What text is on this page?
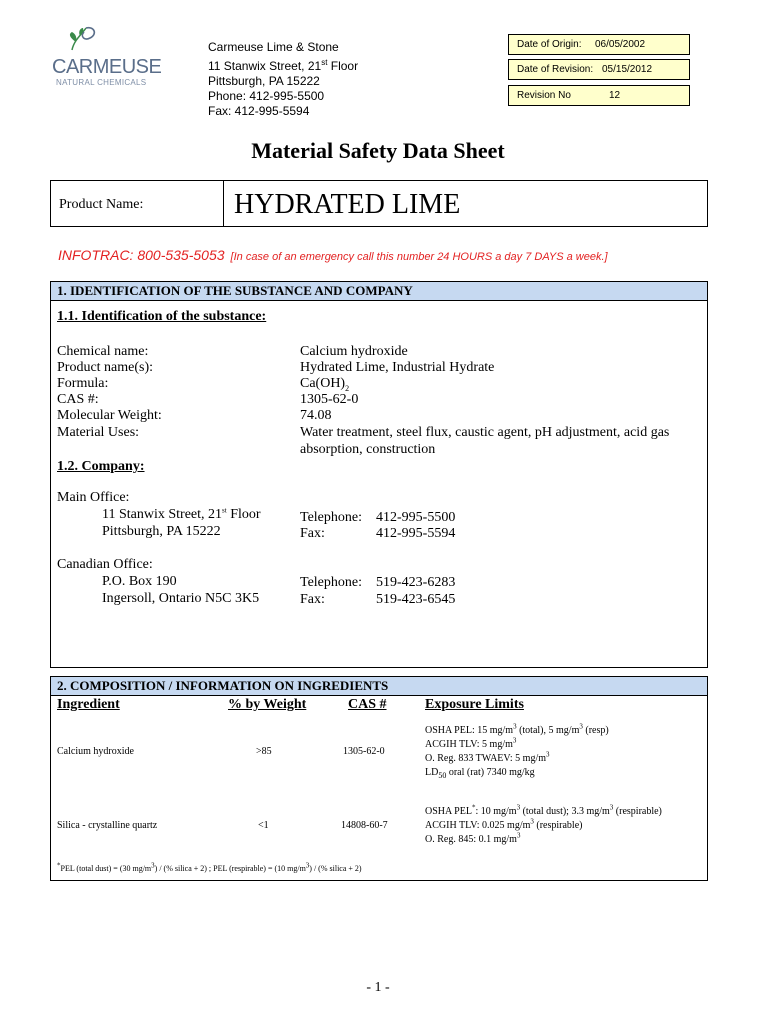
CARMEUSE
NATURAL CHEMICALS
Carmeuse Lime & Stone
11 Stanwix Street, 21st Floor
Pittsburgh, PA 15222
Phone: 412-995-5500
Fax: 412-995-5594
Date of Origin: 06/05/2002
Date of Revision: 05/15/2012
Revision No	12
Material Safety Data Sheet
Product Name:	HYDRATED LIME
INFOTRAC: 800-535-5053 [In case of an emergency call this number 24 HOURS a day 7 DAYS a week.]
1. IDENTIFICATION OF THE SUBSTANCE AND COMPANY
1.1. Identification of the substance:
Chemical name:	Calcium hydroxide
Product name(s):	Hydrated Lime, Industrial Hydrate
Formula:	$Ca(OH)_2$
CAS #:	1305-62-0
Molecular Weight:	74.08
Material Uses:	Water treatment, steel flux, caustic agent, pH adjustment, acid gas
absorption, construction
1.2. Company:
Main Office:
11 Stanwix Street, 21st Floor
Pittsburgh, PA 15222
Telephone: 412-995-5500
Fax:	412-995-5594
Canadian Office:
P.O. Box 190
Ingersoll, Ontario N5C 3K5
Telephone: 519-423-6283
Fax:	519-423-6545
2. COMPOSITION / INFORMATION ON INGREDIENTS
Ingredient	% by Weight	CAS #	Exposure Limits
Calcium hydroxide	>85	1305-62-0
OSHA PEL: 15 $mg/m^3$ (total), 5 $mg/m^3$ (resp)
ACGIH TLV: 5 $mg/m^3$
O. Reg. 833 TWAEV: 5 $mg/m^3$
$LD_{50}$ oral (rat) 7340 mg/kg
Silica - crystalline quartz	<1	14808-60-7
OSHA PEL*: 10 $mg/m^3$ (total dust); 3.3 $mg/m^3$ (respirable)
ACGIH TLV: 0.025 $mg/m^3$ (respirable)
O. Reg. 845: 0.1 $mg/m^3$
*PEL (total dust) = (30 $mg/m^3$) / (% silica + 2) ; PEL (respirable) = (10 $mg/m^3$) / (% silica + 2)
- 1 -
